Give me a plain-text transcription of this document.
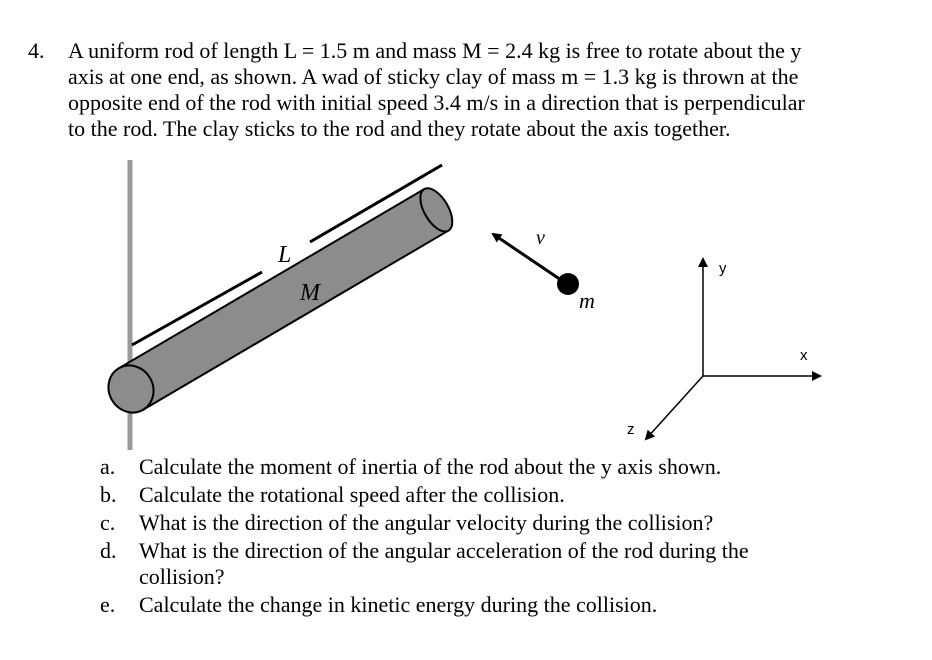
4. A uniform rod of length L = 1.5 m and mass M = 2.4 kg is free to rotate about the y
axis at one end, as shown. A wad of sticky clay of mass m = 1.3 kg is thrown at the
opposite end of the rod with initial speed 3.4 m/s in a direction that is perpendicular
to the rod. The clay sticks to the rod and they rotate about the axis together.
L
M
v
m
y
x
z
a. Calculate the moment of inertia of the rod about the y axis shown.
b. Calculate the rotational speed after the collision.
c. What is the direction of the angular velocity during the collision?
d. What is the direction of the angular acceleration of the rod during the
collision?
e. Calculate the change in kinetic energy during the collision.
